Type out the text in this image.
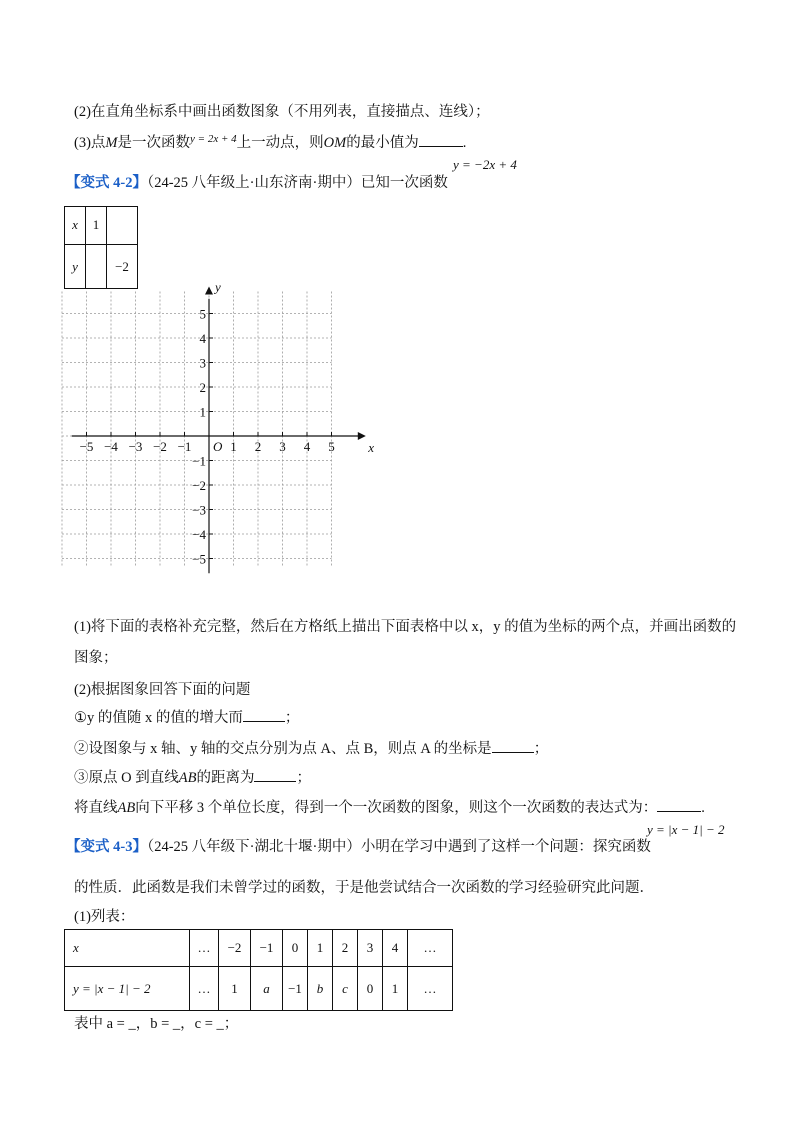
(2)在直角坐标系中画出函数图象（不用列表，直接描点、连线）；
(3)点M是一次函数$^{y = 2x + 4}$上一动点，则OM的最小值为	.
【变式 4-2】（24-25 八年级上·山东济南·期中）已知一次函数
y = −2x + 4
x	1	
y		−2
−5 −4 −3 −2 −1	1 2 3 4 5
5
4
3
2
1
−1
−2
−3
−4
−5
O	x
y
(1)将下面的表格补充完整，然后在方格纸上描出下面表格中以 x，y 的值为坐标的两个点，并画出函数的
图象；
(2)根据图象回答下面的问题
①y 的值随 x 的值的增大而	；
②设图象与 x 轴、y 轴的交点分别为点 A、点 B，则点 A 的坐标是	；
③原点 O 到直线AB的距离为	；
将直线AB向下平移 3 个单位长度，得到一个一次函数的图象，则这个一次函数的表达式为：	.
【变式 4-3】（24-25 八年级下·湖北十堰·期中）小明在学习中遇到了这样一个问题：探究函数
y = |x − 1| − 2
的性质．此函数是我们未曾学过的函数，于是他尝试结合一次函数的学习经验研究此问题．
(1)列表：
x	…	−2	−1	0	1	2	3	4	…
y = |x − 1| − 2	…	1	a	−1	b	c	0	1	…
表中 a = _，b = _，c = _；
